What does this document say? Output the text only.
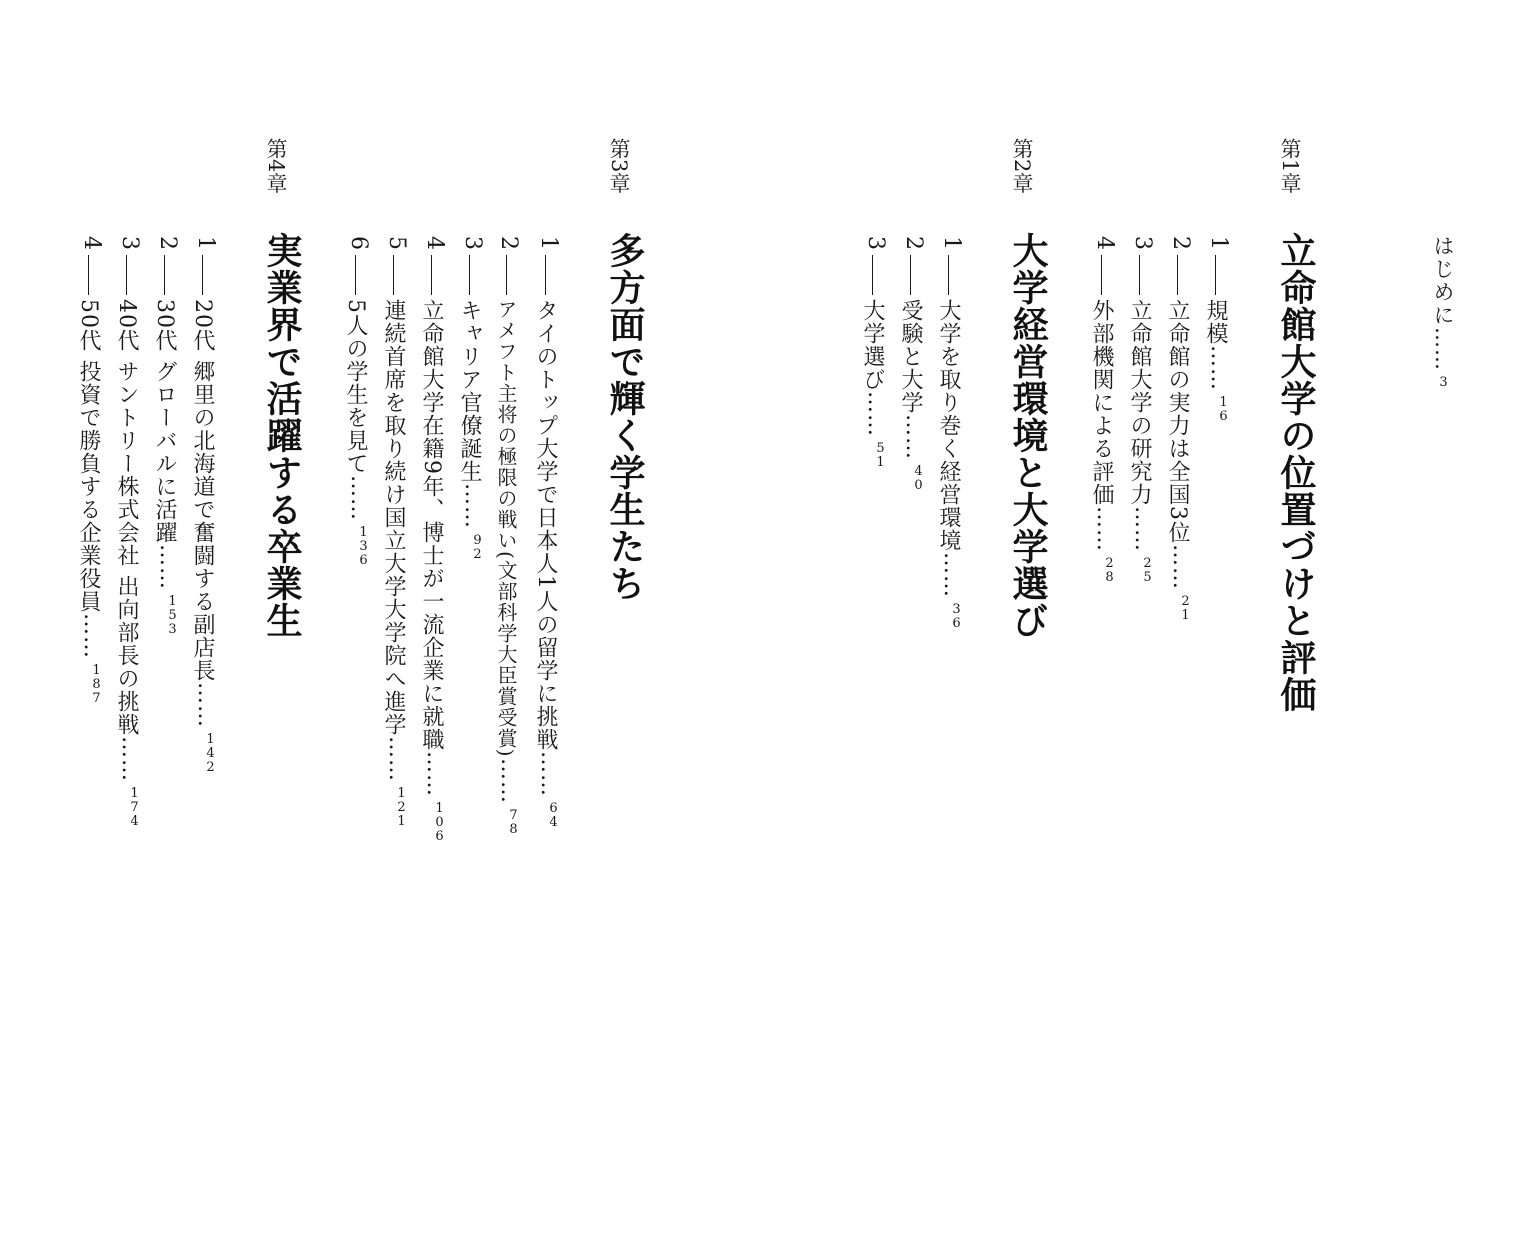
はじめに……3
第1章
立命館大学の位置づけと評価
1
規模
……
16
2
立命館の実力は全国3位
……
21
3
立命館大学の研究力
……
25
4
外部機関による評価
……
28
第2章
大学経営環境と大学選び
1
大学を取り巻く経営環境
……
36
2
受験と大学
……
40
3
大学選び
……
51
第3章
多方面で輝く学生たち
1
タイのトップ大学で日本人1人の留学に挑戦
……
64
2
アメフト主将の極限の戦い(文部科学大臣賞受賞)
……
78
3
キャリア官僚誕生
……
92
4
立命館大学在籍9年、博士が一流企業に就職
……
106
5
連続首席を取り続け国立大学大学院へ進学
……
121
6
5人の学生を見て
……
136
第4章
実業界で活躍する卒業生
1
20代 郷里の北海道で奮闘する副店長
……
142
2
30代 グローバルに活躍
……
153
3
40代 サントリー株式会社 出向部長の挑戦
……
174
4
50代 投資で勝負する企業役員
……
187
